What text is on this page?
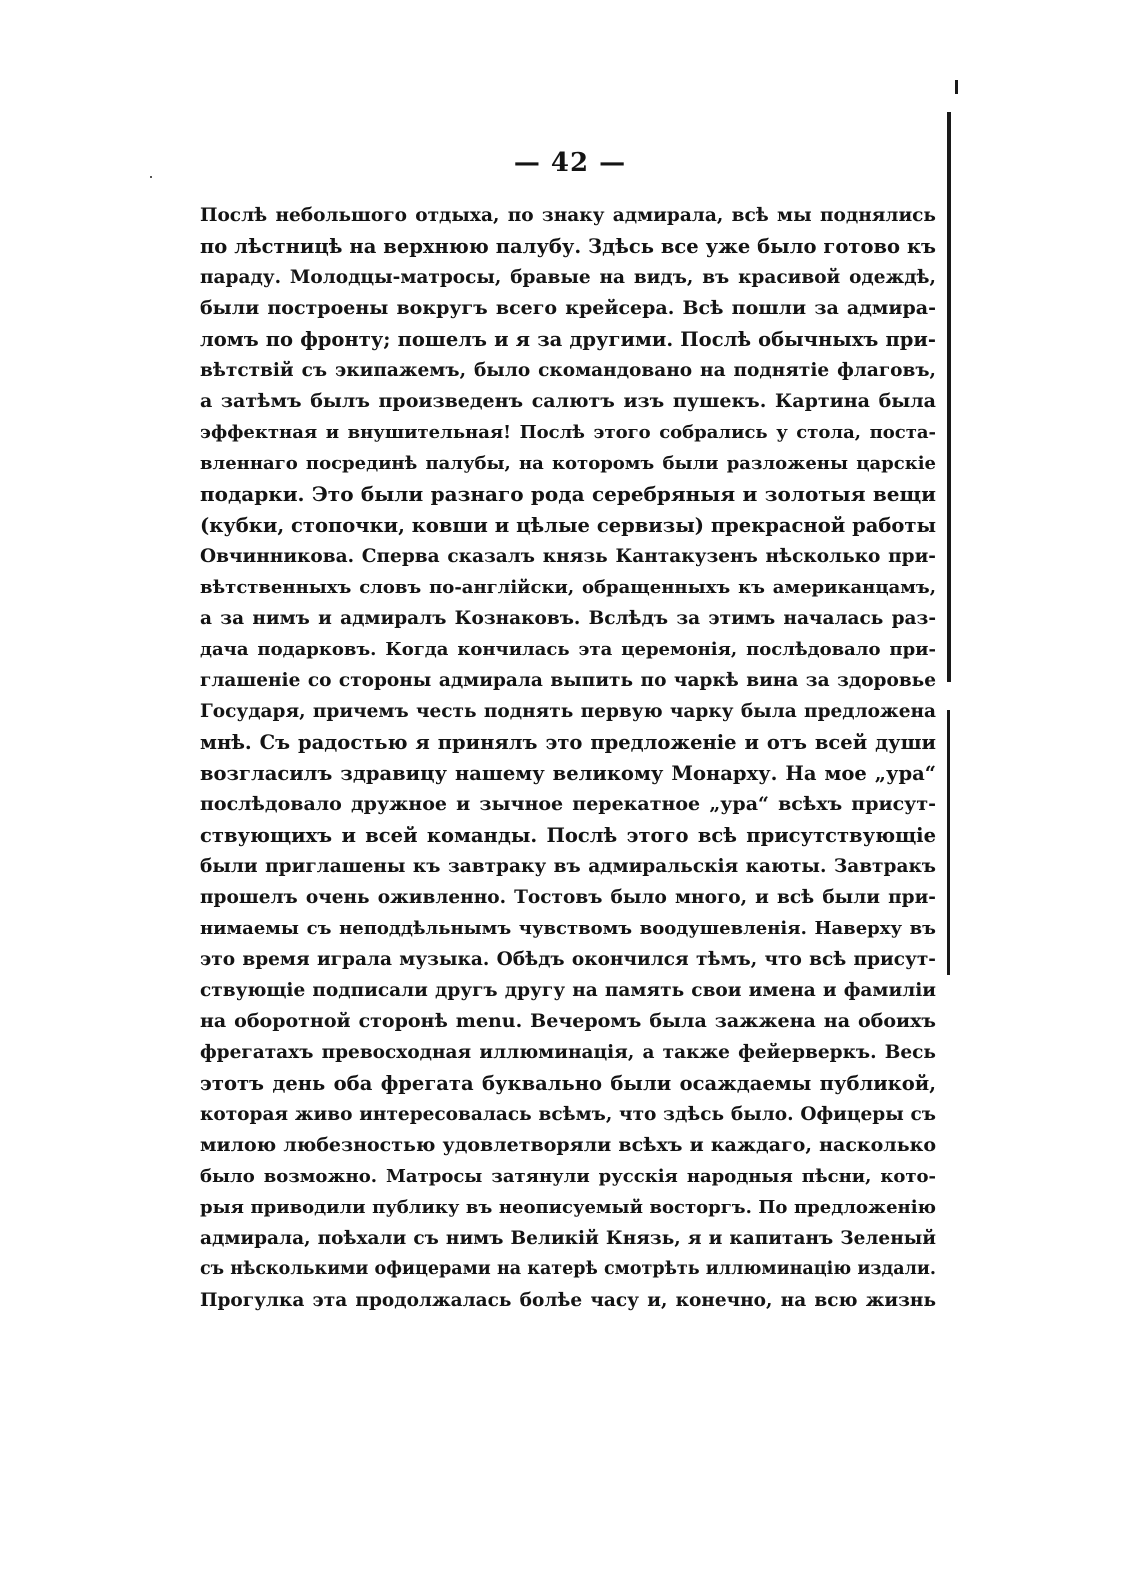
— 42 —
Послѣ небольшого отдыха, по знаку адмирала, всѣ мы поднялись
по лѣстницѣ на верхнюю палубу. Здѣсь все уже было готово къ
параду. Молодцы-матросы, бравые на видъ, въ красивой одеждѣ,
были построены вокругъ всего крейсера. Всѣ пошли за адмира-
ломъ по фронту; пошелъ и я за другими. Послѣ обычныхъ при-
вѣтствій съ экипажемъ, было скомандовано на поднятіе флаговъ,
а затѣмъ былъ произведенъ салютъ изъ пушекъ. Картина была
эффектная и внушительная! Послѣ этого собрались у стола, поста-
вленнаго посрединѣ палубы, на которомъ были разложены царскіе
подарки. Это были разнаго рода серебряныя и золотыя вещи
(кубки, стопочки, ковши и цѣлые сервизы) прекрасной работы
Овчинникова. Сперва сказалъ князь Кантакузенъ нѣсколько при-
вѣтственныхъ словъ по-англійски, обращенныхъ къ американцамъ,
а за нимъ и адмиралъ Кознаковъ. Вслѣдъ за этимъ началась раз-
дача подарковъ. Когда кончилась эта церемонія, послѣдовало при-
глашеніе со стороны адмирала выпить по чаркѣ вина за здоровье
Государя, причемъ честь поднять первую чарку была предложена
мнѣ. Съ радостью я принялъ это предложеніе и отъ всей души
возгласилъ здравицу нашему великому Монарху. На мое „ура“
послѣдовало дружное и зычное перекатное „ура“ всѣхъ присут-
ствующихъ и всей команды. Послѣ этого всѣ присутствующіе
были приглашены къ завтраку въ адмиральскія каюты. Завтракъ
прошелъ очень оживленно. Тостовъ было много, и всѣ были при-
нимаемы съ неподдѣльнымъ чувствомъ воодушевленія. Наверху въ
это время играла музыка. Обѣдъ окончился тѣмъ, что всѣ присут-
ствующіе подписали другъ другу на память свои имена и фамиліи
на оборотной сторонѣ menu. Вечеромъ была зажжена на обоихъ
фрегатахъ превосходная иллюминація, а также фейерверкъ. Весь
этотъ день оба фрегата буквально были осаждаемы публикой,
которая живо интересовалась всѣмъ, что здѣсь было. Офицеры съ
милою любезностью удовлетворяли всѣхъ и каждаго, насколько
было возможно. Матросы затянули русскія народныя пѣсни, кото-
рыя приводили публику въ неописуемый восторгъ. По предложенію
адмирала, поѣхали съ нимъ Великій Князь, я и капитанъ Зеленый
съ нѣсколькими офицерами на катерѣ смотрѣть иллюминацію издали.
Прогулка эта продолжалась болѣе часу и, конечно, на всю жизнь
